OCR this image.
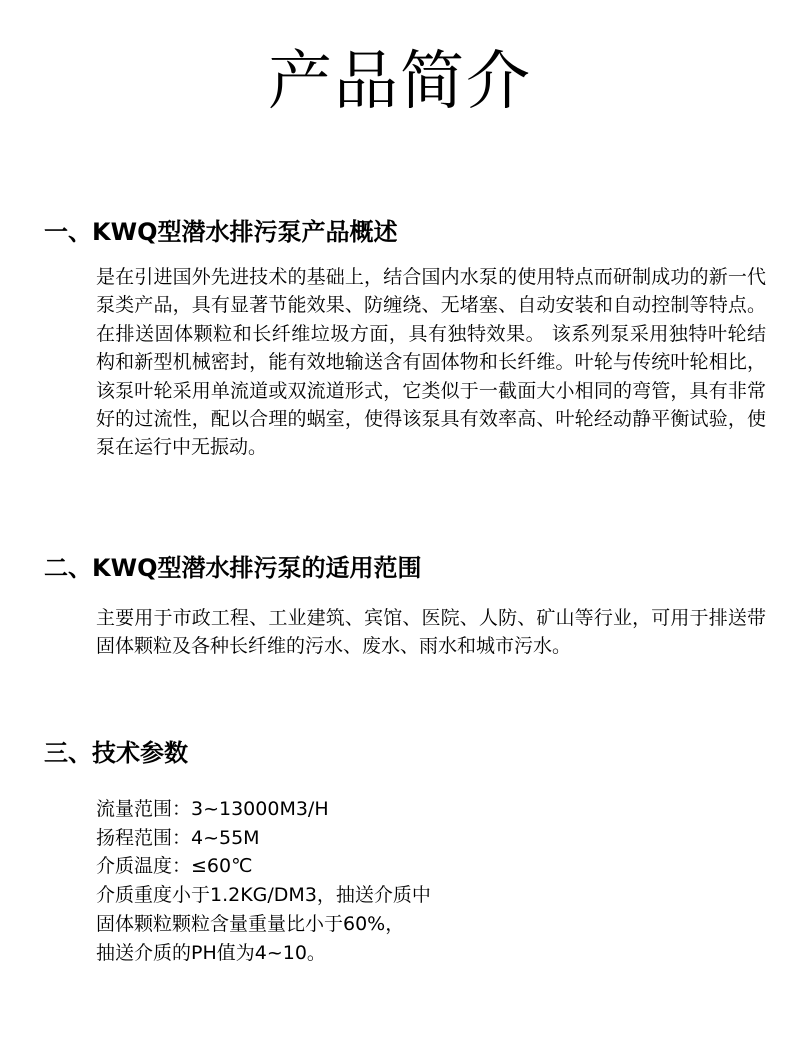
产品简介
一、KWQ型潜水排污泵产品概述

是在引进国外先进技术的基础上，结合国内水泵的使用特点而研制成功的新一代泵类产品，具有显著节能效果、防缠绕、无堵塞、自动安装和自动控制等特点。在排送固体颗粒和长纤维垃圾方面，具有独特效果。 该系列泵采用独特叶轮结构和新型机械密封，能有效地输送含有固体物和长纤维。叶轮与传统叶轮相比，该泵叶轮采用单流道或双流道形式，它类似于一截面大小相同的弯管，具有非常好的过流性，配以合理的蜗室，使得该泵具有效率高、叶轮经动静平衡试验，使泵在运行中无振动。

二、KWQ型潜水排污泵的适用范围

主要用于市政工程、工业建筑、宾馆、医院、人防、矿山等行业，可用于排送带固体颗粒及各种长纤维的污水、废水、雨水和城市污水。

三、技术参数
流量范围：3~13000M3/H
扬程范围：4~55M
介质温度：≤60℃
介质重度小于1.2KG/DM3，抽送介质中
固体颗粒颗粒含量重量比小于60%，
抽送介质的PH值为4~10。
